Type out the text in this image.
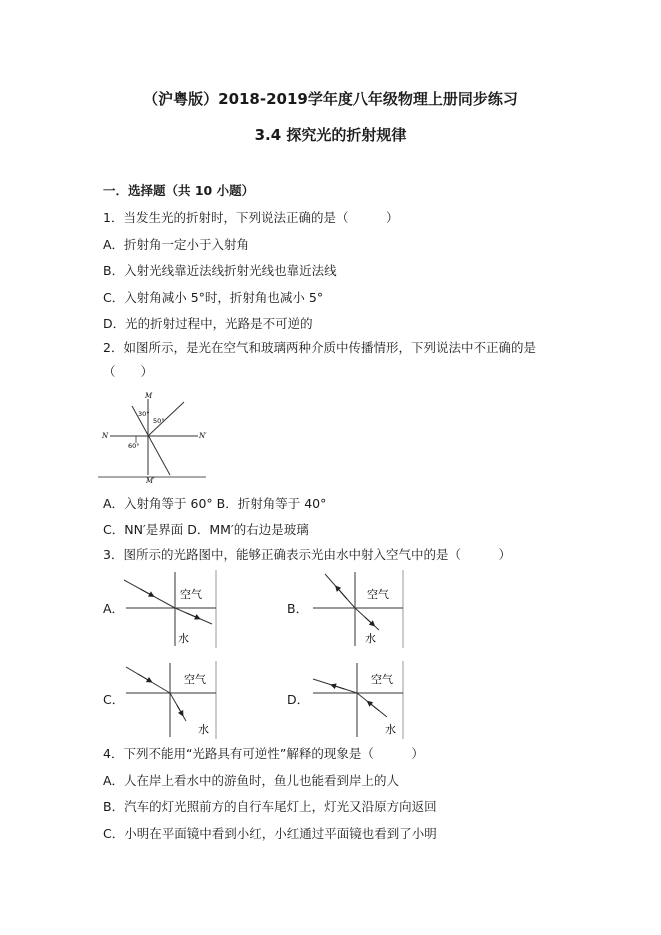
（沪粤版）2018-2019学年度八年级物理上册同步练习
3.4 探究光的折射规律
一．选择题（共 10 小题）
1．当发生光的折射时，下列说法正确的是（　　　）
A．折射角一定小于入射角
B．入射光线靠近法线折射光线也靠近法线
C．入射角减小 5°时，折射角也减小 5°
D．光的折射过程中，光路是不可逆的
2．如图所示，是光在空气和玻璃两种介质中传播情形，下列说法中不正确的是
（　　）
M
M′
N	N′
30°
50°
60°
A．入射角等于 60° B．折射角等于 40°
C．NN′是界面 D．MM′的右边是玻璃
3．图所示的光路图中，能够正确表示光由水中射入空气中的是（　　　）
A．	B．
C．	D．
空气
水
空气
水
空气
水
空气
水
4．下列不能用“光路具有可逆性”解释的现象是（　　　）
A．人在岸上看水中的游鱼时，鱼儿也能看到岸上的人
B．汽车的灯光照前方的自行车尾灯上，灯光又沿原方向返回
C．小明在平面镜中看到小红，小红通过平面镜也看到了小明
